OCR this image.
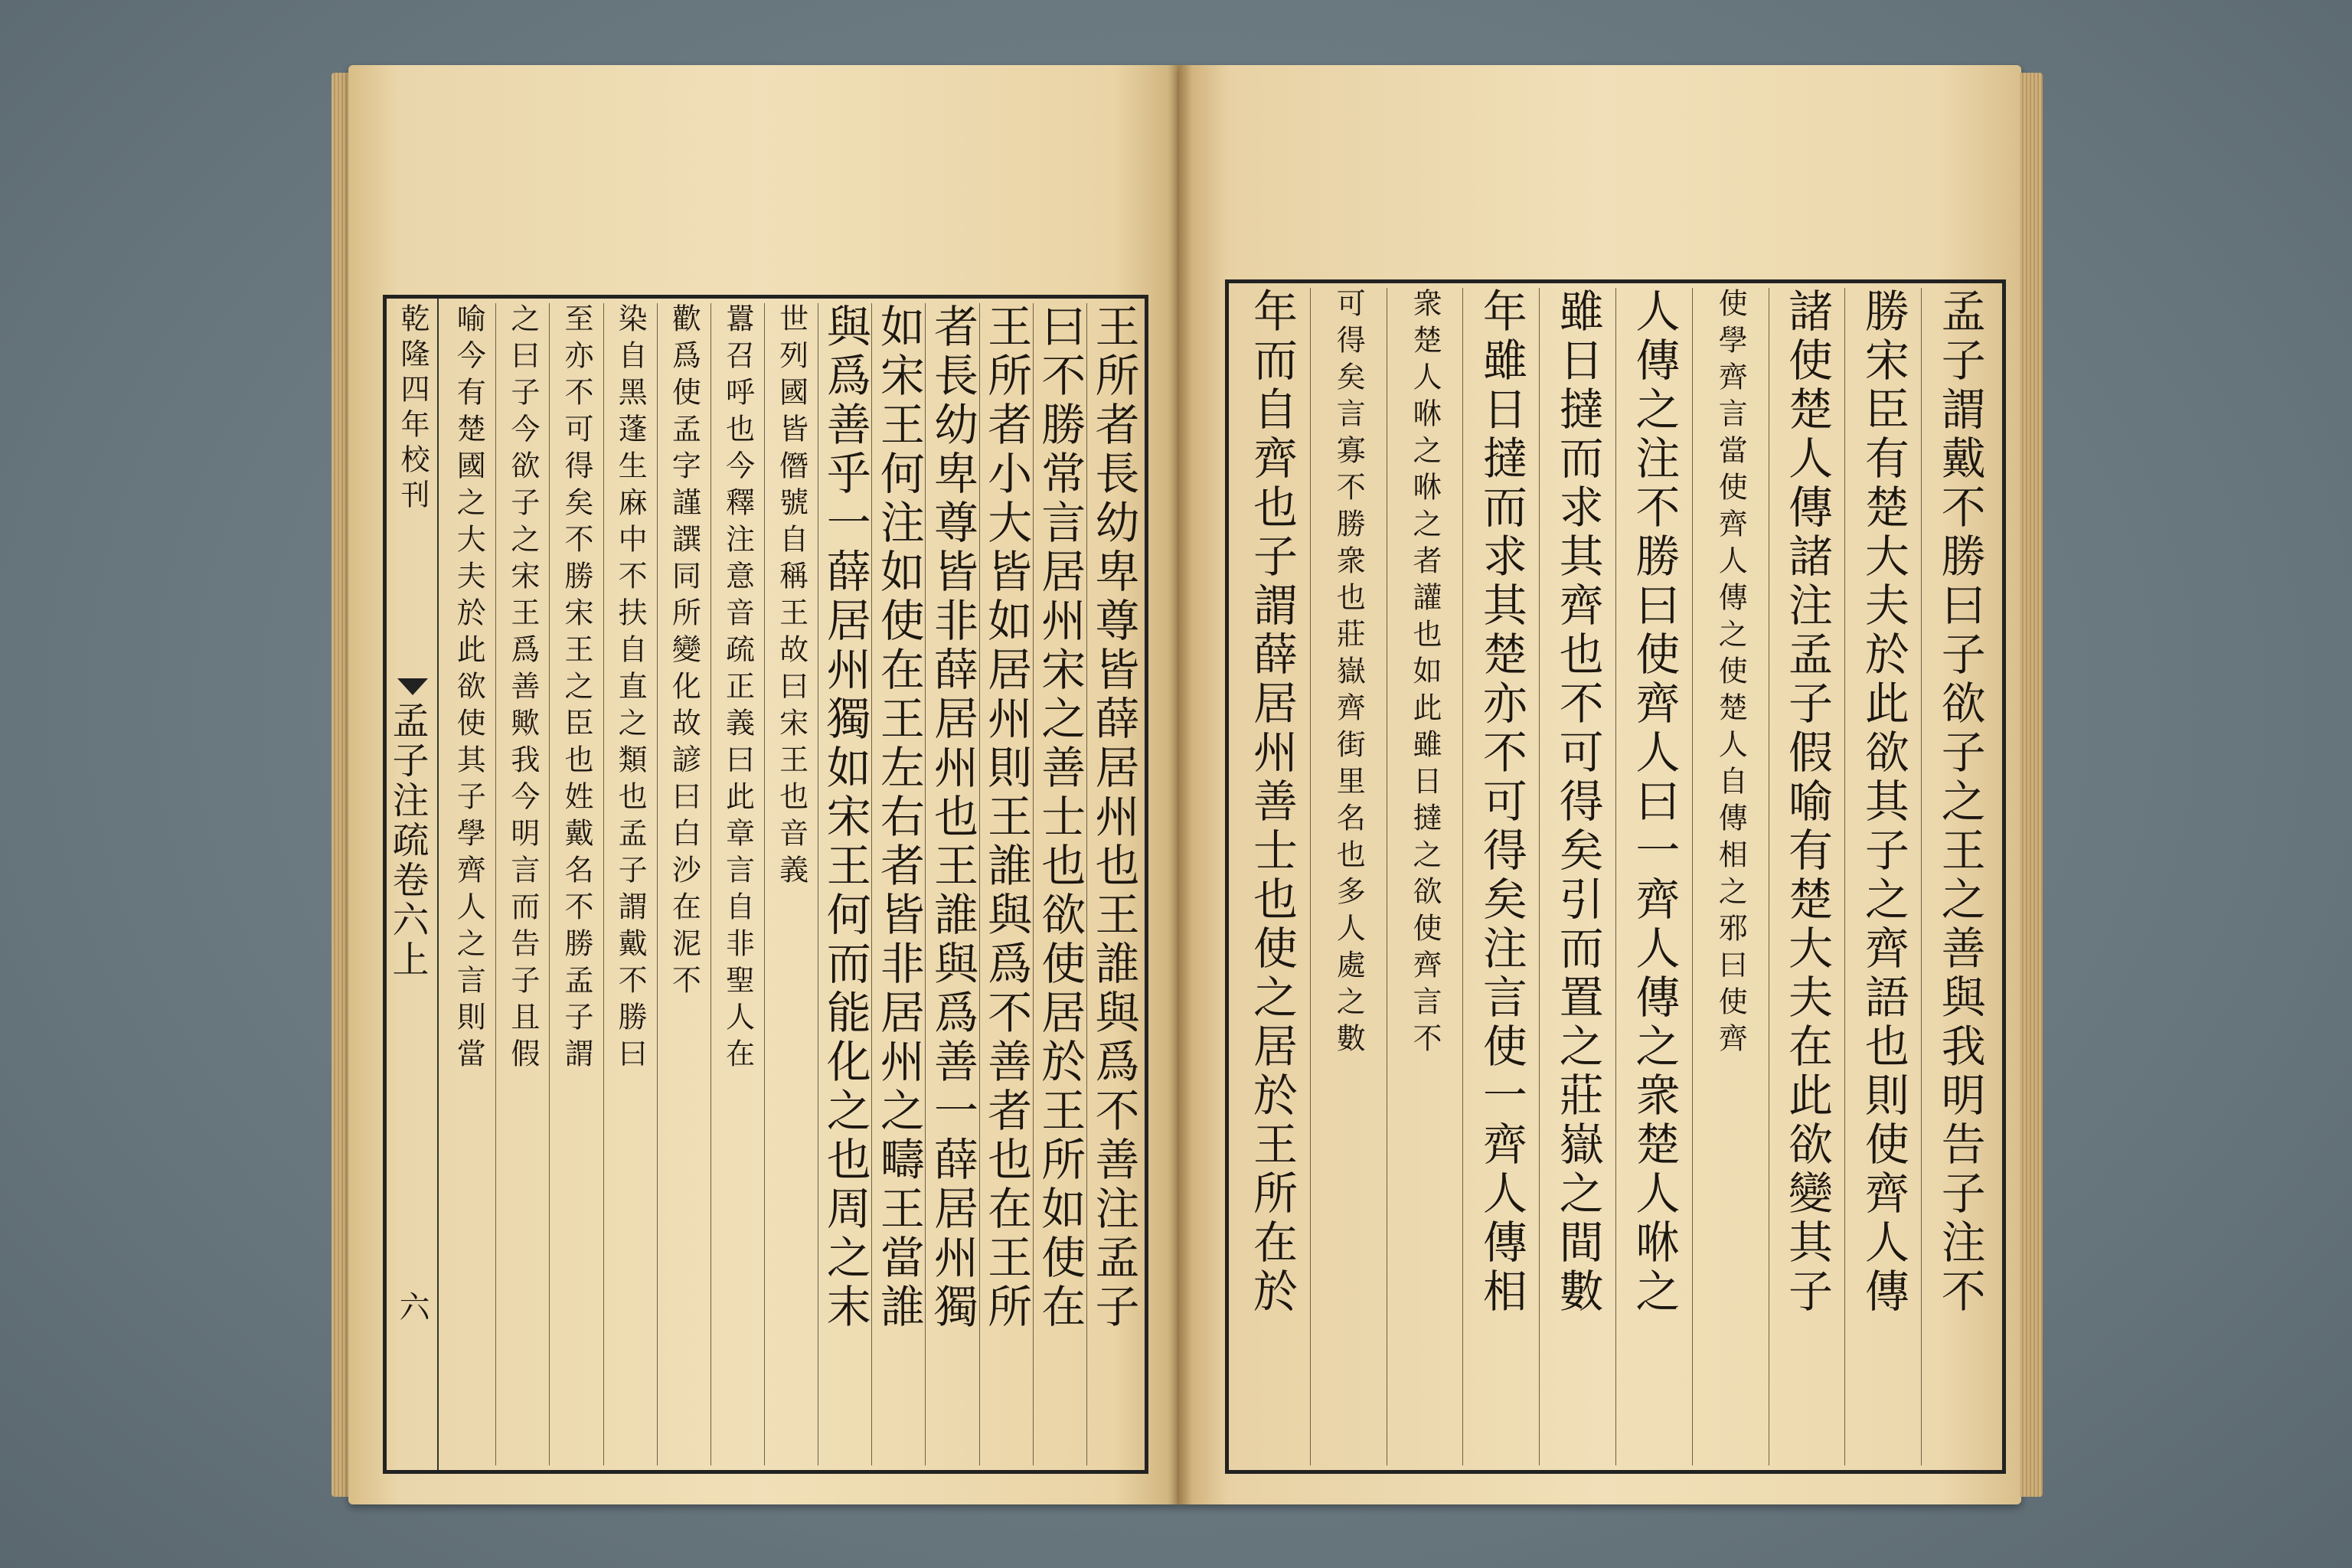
王所者長幼卑尊皆薛居州也王誰與爲不善注孟子
曰不勝常言居州宋之善士也欲使居於王所如使在
王所者小大皆如居州則王誰與爲不善者也在王所
者長幼卑尊皆非薛居州也王誰與爲善一薛居州獨
如宋王何注如使在王左右者皆非居州之疇王當誰
與爲善乎一薛居州獨如宋王何而能化之也周之末
世列國皆僭號自稱王故曰宋王也音義
囂召呼也今釋注意音疏正義曰此章言自非聖人在
歡爲使孟字謹譔同所變化故諺曰白沙在泥不
染自黑蓬生麻中不扶自直之類也孟子謂戴不勝曰
至亦不可得矣不勝宋王之臣也姓戴名不勝孟子謂
之曰子今欲子之宋王爲善歟我今明言而告子且假
喻今有楚國之大夫於此欲使其子學齊人之言則當
乾隆四年校刊
孟子注疏卷六上
六	孟子謂戴不勝曰子欲子之王之善與我明告子注不
勝宋臣有楚大夫於此欲其子之齊語也則使齊人傳
諸使楚人傳諸注孟子假喻有楚大夫在此欲變其子
使學齊言當使齊人傳之使楚人自傳相之邪曰使齊
人傳之注不勝曰使齊人曰一齊人傳之衆楚人咻之
雖日撻而求其齊也不可得矣引而置之莊嶽之間數
年雖日撻而求其楚亦不可得矣注言使一齊人傳相
衆楚人咻之咻之者讙也如此雖日撻之欲使齊言不
可得矣言寡不勝衆也莊嶽齊街里名也多人處之數
年而自齊也子謂薛居州善士也使之居於王所在於
